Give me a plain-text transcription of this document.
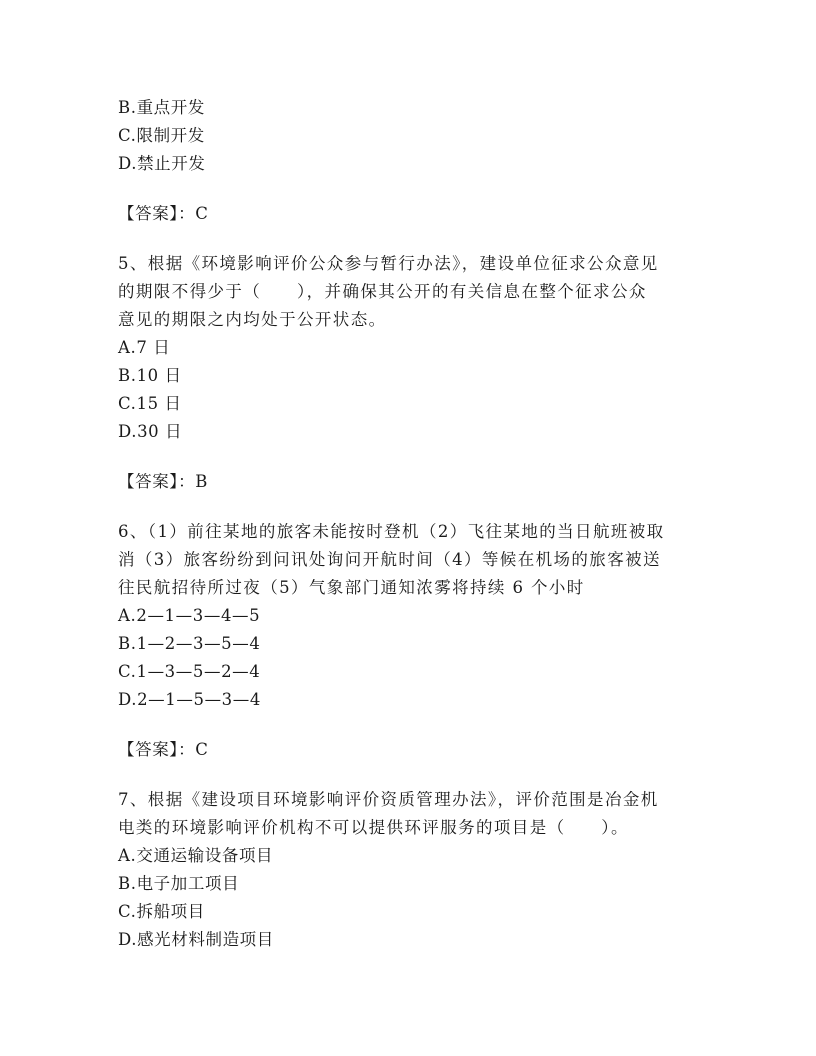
B.重点开发
C.限制开发
D.禁止开发
【答案】：C
5、根据《环境影响评价公众参与暂行办法》，建设单位征求公众意见
的期限不得少于（　　），并确保其公开的有关信息在整个征求公众
意见的期限之内均处于公开状态。
A.7 日
B.10 日
C.15 日
D.30 日
【答案】：B
6、（1）前往某地的旅客未能按时登机（2）飞往某地的当日航班被取
消（3）旅客纷纷到问讯处询问开航时间（4）等候在机场的旅客被送
往民航招待所过夜（5）气象部门通知浓雾将持续 6 个小时
A.2—1—3—4—5
B.1—2—3—5—4
C.1—3—5—2—4
D.2—1—5—3—4
【答案】：C
7、根据《建设项目环境影响评价资质管理办法》，评价范围是冶金机
电类的环境影响评价机构不可以提供环评服务的项目是（　　）。
A.交通运输设备项目
B.电子加工项目
C.拆船项目
D.感光材料制造项目
